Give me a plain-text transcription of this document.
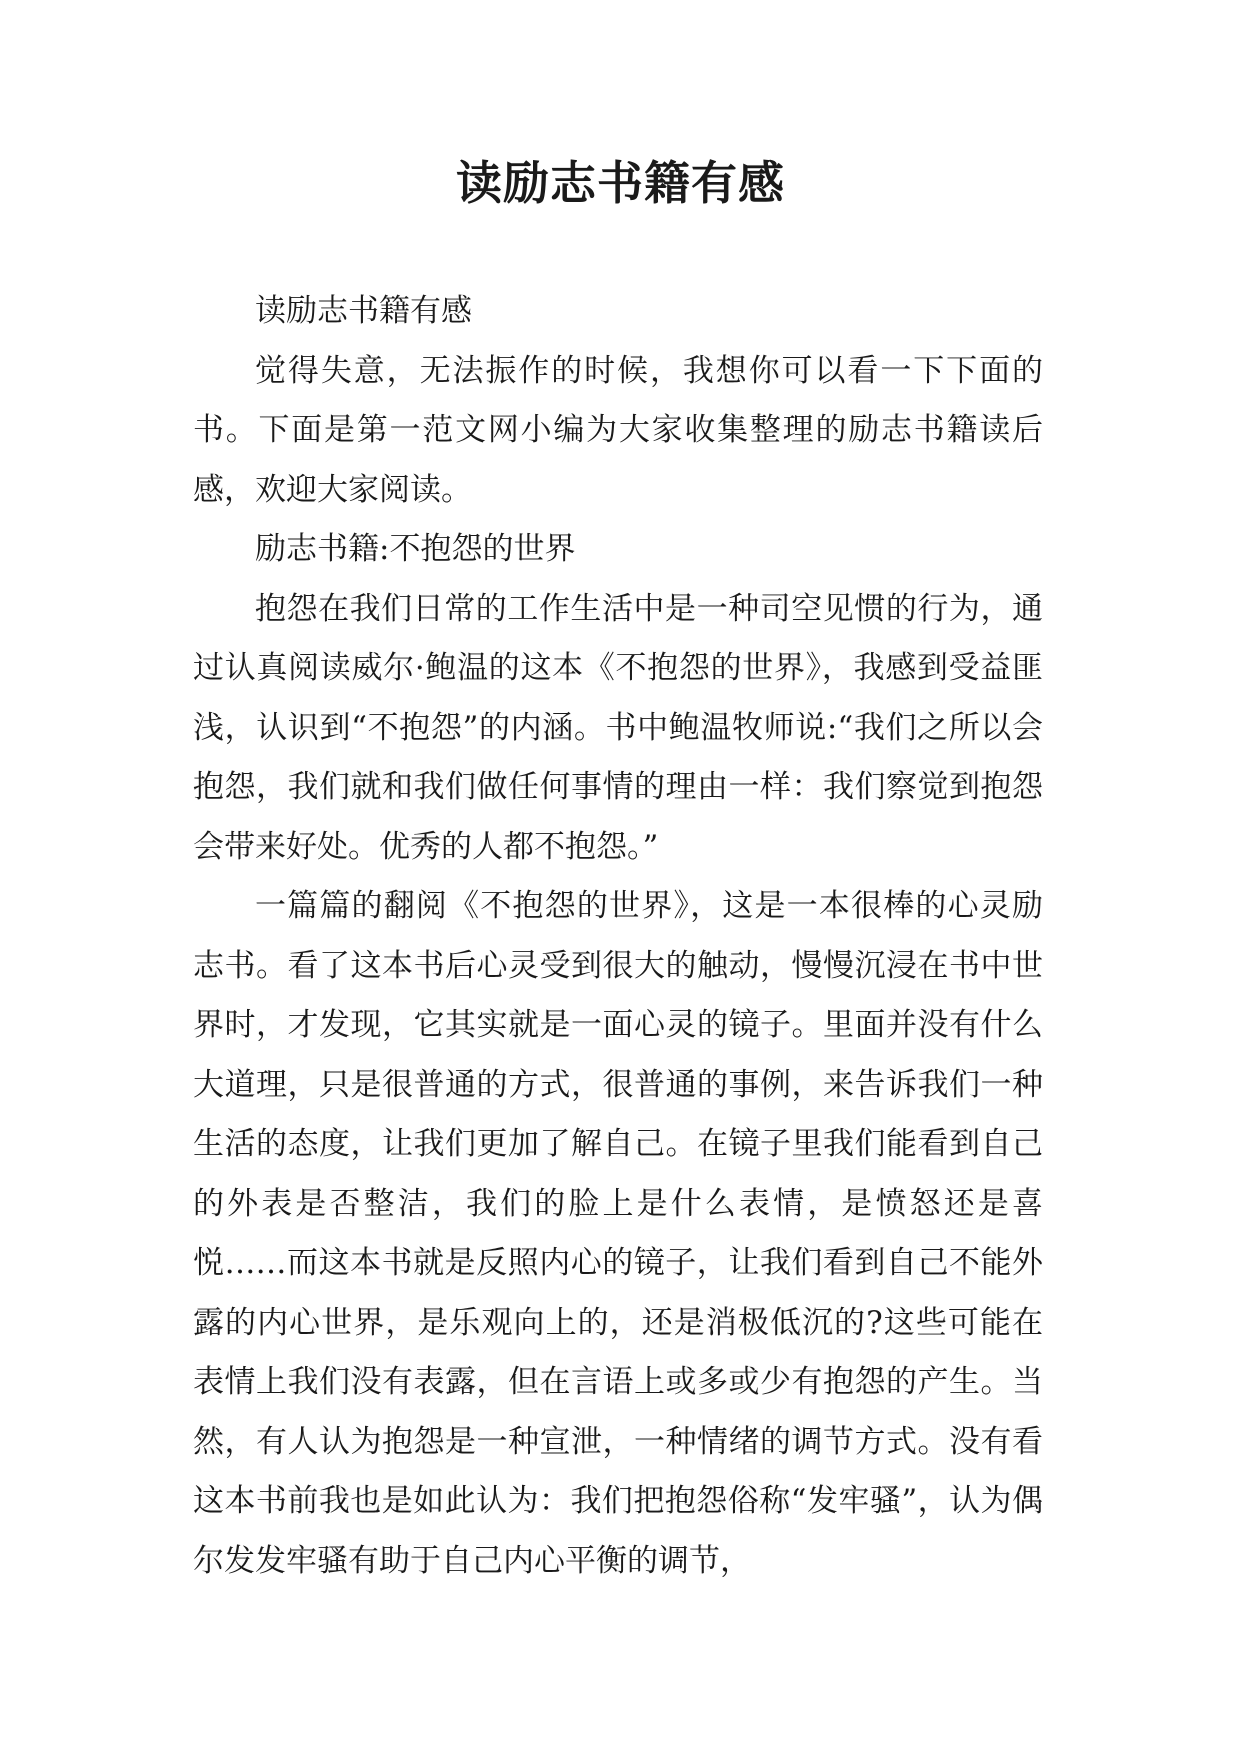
读励志书籍有感

读励志书籍有感

觉得失意，无法振作的时候，我想你可以看一下下面的书。下面是第一范文网小编为大家收集整理的励志书籍读后感，欢迎大家阅读。

励志书籍:不抱怨的世界

抱怨在我们日常的工作生活中是一种司空见惯的行为，通过认真阅读威尔·鲍温的这本《不抱怨的世界》，我感到受益匪浅，认识到“不抱怨”的内涵。书中鲍温牧师说:“我们之所以会抱怨，我们就和我们做任何事情的理由一样：我们察觉到抱怨会带来好处。优秀的人都不抱怨。”

一篇篇的翻阅《不抱怨的世界》，这是一本很棒的心灵励志书。看了这本书后心灵受到很大的触动，慢慢沉浸在书中世界时，才发现，它其实就是一面心灵的镜子。里面并没有什么大道理，只是很普通的方式，很普通的事例，来告诉我们一种生活的态度，让我们更加了解自己。在镜子里我们能看到自己的外表是否整洁，我们的脸上是什么表情，是愤怒还是喜悦……而这本书就是反照内心的镜子，让我们看到自己不能外露的内心世界，是乐观向上的，还是消极低沉的?这些可能在表情上我们没有表露，但在言语上或多或少有抱怨的产生。当然，有人认为抱怨是一种宣泄，一种情绪的调节方式。没有看这本书前我也是如此认为：我们把抱怨俗称“发牢骚”，认为偶尔发发牢骚有助于自己内心平衡的调节，
